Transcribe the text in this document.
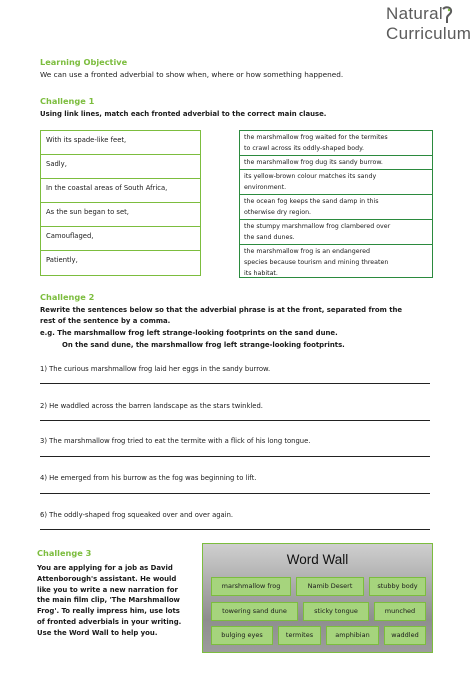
Natural
Curriculum
Learning Objective
We can use a fronted adverbial to show when, where or how something happened.
Challenge 1
Using link lines, match each fronted adverbial to the correct main clause.
With its spade-like feet,
Sadly,
In the coastal areas of South Africa,
As the sun began to set,
Camouflaged,
Patiently,
the marshmallow frog waited for the termites
to crawl across its oddly-shaped body.
the marshmallow frog dug its sandy burrow.
its yellow-brown colour matches its sandy
environment.
the ocean fog keeps the sand damp in this
otherwise dry region.
the stumpy marshmallow frog clambered over
the sand dunes.
the marshmallow frog is an endangered
species because tourism and mining threaten
its habitat.
Challenge 2
Rewrite the sentences below so that the adverbial phrase is at the front, separated from the
rest of the sentence by a comma.
e.g. The marshmallow frog left strange-looking footprints on the sand dune.
On the sand dune, the marshmallow frog left strange-looking footprints.
1) The curious marshmallow frog laid her eggs in the sandy burrow.
2) He waddled across the barren landscape as the stars twinkled.
3) The marshmallow frog tried to eat the termite with a flick of his long tongue.
4) He emerged from his burrow as the fog was beginning to lift.
6) The oddly-shaped frog squeaked over and over again.
Challenge 3
You are applying for a job as David
Attenborough's assistant. He would
like you to write a new narration for
the main film clip, 'The Marshmallow
Frog'. To really impress him, use lots
of fronted adverbials in your writing.
Use the Word Wall to help you.
Word Wall
marshmallow frog	Namib Desert	stubby body
towering sand dune	sticky tongue	munched
bulging eyes	termites	amphibian	waddled
